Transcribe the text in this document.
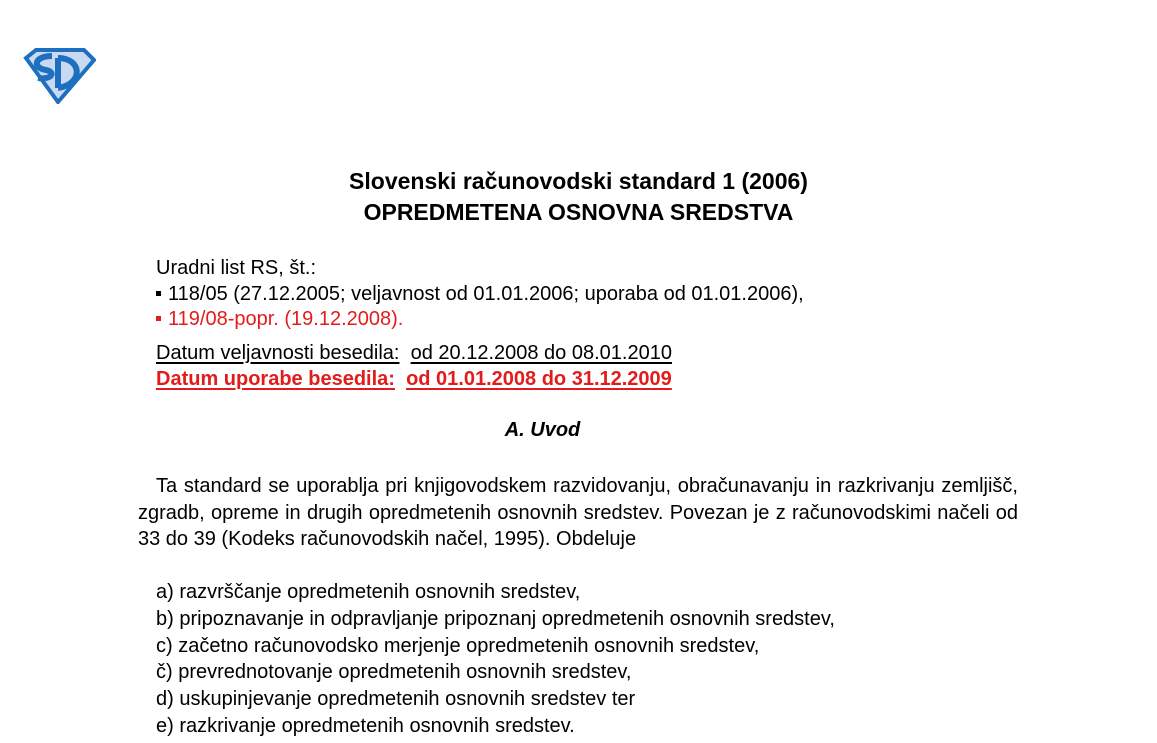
Slovenski računovodski standard 1 (2006)
OPREDMETENA OSNOVNA SREDSTVA
Uradni list RS, št.:
118/05 (27.12.2005; veljavnost od 01.01.2006; uporaba od 01.01.2006),
119/08-popr. (19.12.2008).
Datum veljavnosti besedila: od 20.12.2008 do 08.01.2010
Datum uporabe besedila: od 01.01.2008 do 31.12.2009
A. Uvod
Ta standard se uporablja pri knjigovodskem razvidovanju, obračunavanju in razkrivanju zemljišč, zgradb, opreme in drugih opredmetenih osnovnih sredstev. Povezan je z računovodskimi načeli od 33 do 39 (Kodeks računovodskih načel, 1995). Obdeluje
a) razvrščanje opredmetenih osnovnih sredstev,
b) pripoznavanje in odpravljanje pripoznanj opredmetenih osnovnih sredstev,
c) začetno računovodsko merjenje opredmetenih osnovnih sredstev,
č) prevrednotovanje opredmetenih osnovnih sredstev,
d) uskupinjevanje opredmetenih osnovnih sredstev ter
e) razkrivanje opredmetenih osnovnih sredstev.
